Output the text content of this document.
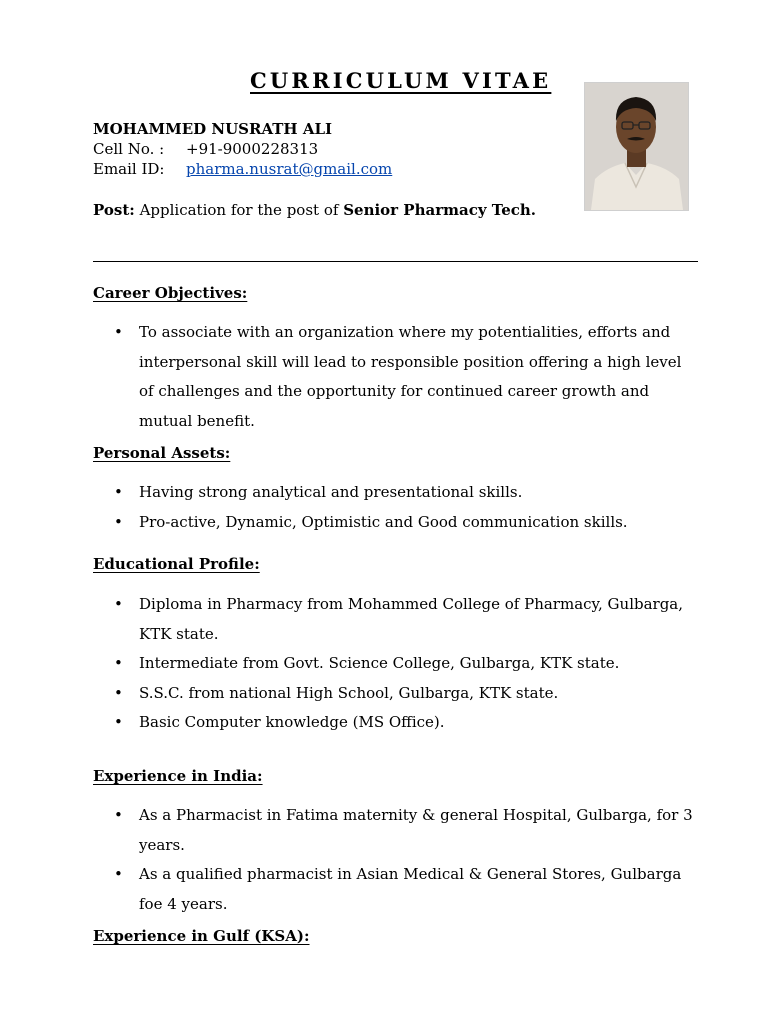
CURRICULUM VITAE
MOHAMMED NUSRATH ALI
Cell No. : +91-9000228313
Email ID: pharma.nusrat@gmail.com
Post: Application for the post of Senior Pharmacy Tech.
Career Objectives:
• To associate with an organization where my potentialities, efforts and interpersonal skill will lead to responsible position offering a high level of challenges and the opportunity for continued career growth and mutual benefit.
Personal Assets:
• Having strong analytical and presentational skills.
• Pro-active, Dynamic, Optimistic and Good communication skills.
Educational Profile:
• Diploma in Pharmacy from Mohammed College of Pharmacy, Gulbarga, KTK state.
• Intermediate from Govt. Science College, Gulbarga, KTK state.
• S.S.C. from national High School, Gulbarga, KTK state.
• Basic Computer knowledge (MS Office).
Experience in India:
• As a Pharmacist in Fatima maternity & general Hospital, Gulbarga, for 3 years.
• As a qualified pharmacist in Asian Medical & General Stores, Gulbarga foe 4 years.
Experience in Gulf (KSA):
